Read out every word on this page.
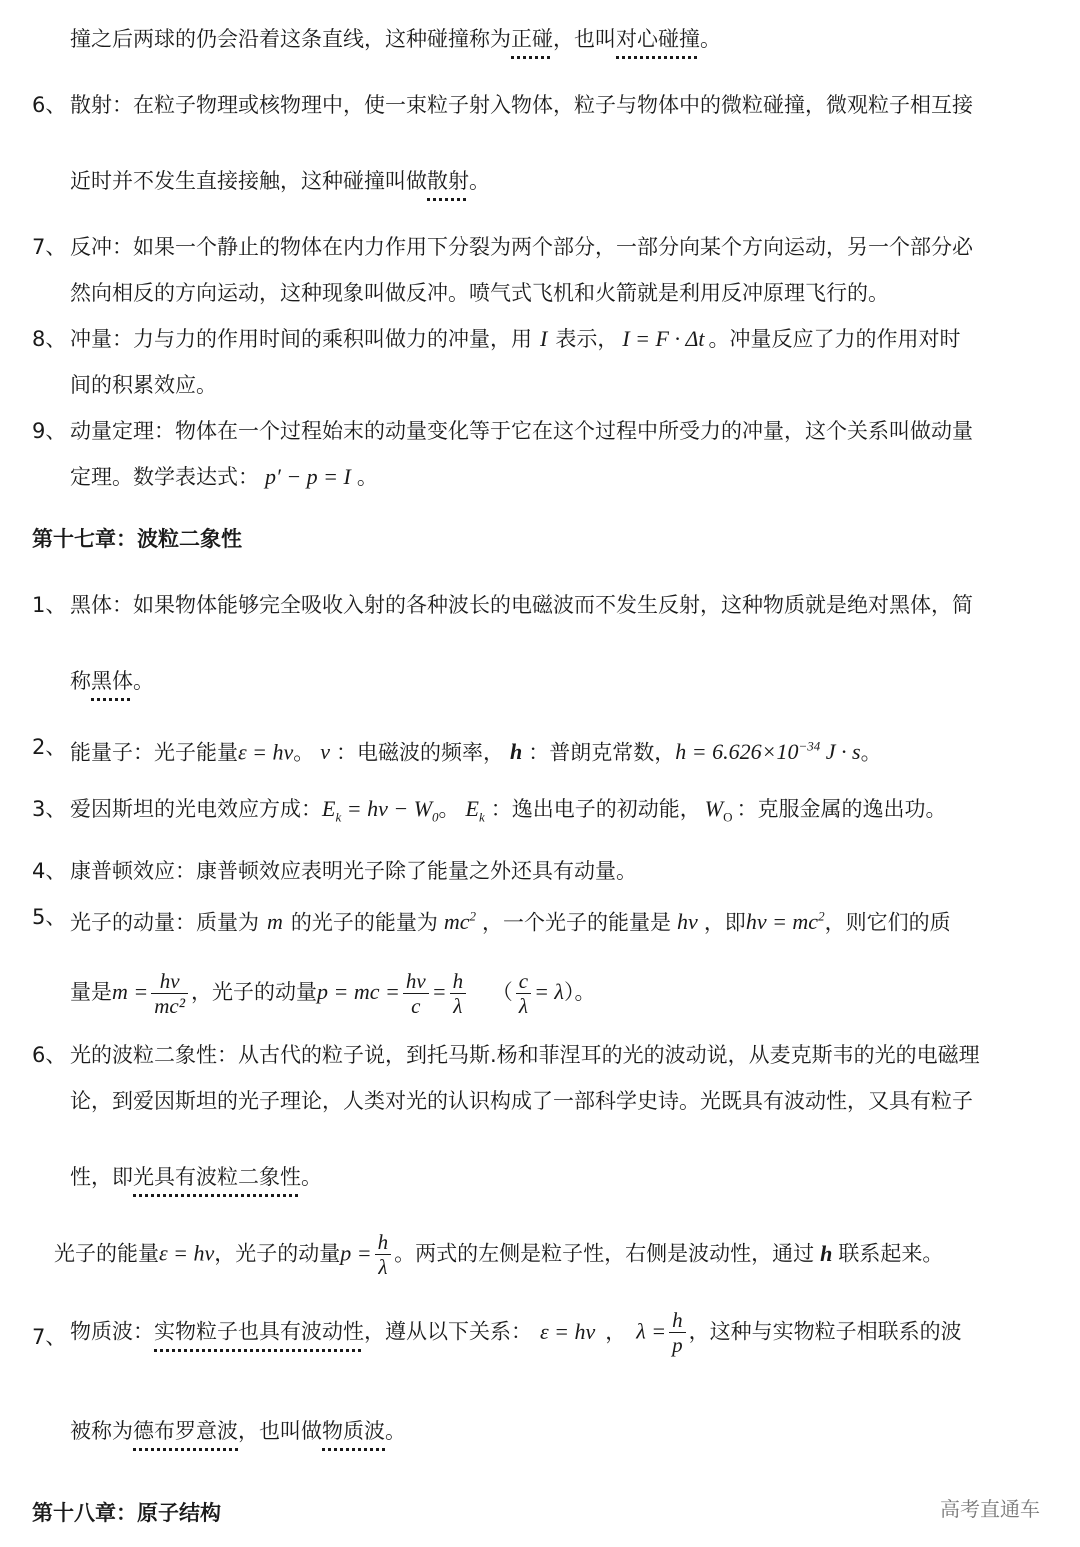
撞之后两球的仍会沿着这条直线，这种碰撞称为正碰，也叫对心碰撞。
6、 散射：在粒子物理或核物理中，使一束粒子射入物体，粒子与物体中的微粒碰撞，微观粒子相互接
近时并不发生直接接触，这种碰撞叫做散射。
7、 反冲：如果一个静止的物体在内力作用下分裂为两个部分，一部分向某个方向运动，另一个部分必
然向相反的方向运动，这种现象叫做反冲。喷气式飞机和火箭就是利用反冲原理飞行的。
8、 冲量：力与力的作用时间的乘积叫做力的冲量，用 I 表示， I = F · Δt 。冲量反应了力的作用对时
间的积累效应。
9、 动量定理：物体在一个过程始末的动量变化等于它在这个过程中所受力的冲量，这个关系叫做动量
定理。数学表达式： p′ − p = I 。
第十七章：波粒二象性
1、 黑体：如果物体能够完全吸收入射的各种波长的电磁波而不发生反射，这种物质就是绝对黑体，简
称黑体。
2、 能量子：光子能量ε = hν。 ν ：电磁波的频率， h ：普朗克常数，$h = 6.626\times 10^{-34}$ J · s。
3、 爱因斯坦的光电效应方成：$E_k = h\nu - W_0$。 $E_k$ ：逸出电子的初动能， $W_O$ ：克服金属的逸出功。
4、 康普顿效应：康普顿效应表明光子除了能量之外还具有动量。
5、 光子的动量：质量为 m 的光子的能量为 $mc^2$ ，一个光子的能量是 hν ，即$h\nu = mc^2$，则它们的质
量是$m = \frac{h\nu}{\text{mc²}}$ ，光子的动量p = mc = $\frac{h\nu}{c} = \frac{h}{\lambda}$ （ $\frac{c}{\lambda} = \lambda$）。
6、 光的波粒二象性：从古代的粒子说，到托马斯.杨和菲涅耳的光的波动说，从麦克斯韦的光的电磁理
论，到爱因斯坦的光子理论，人类对光的认识构成了一部科学史诗。光既具有波动性，又具有粒子
性，即光具有波粒二象性。
光子的能量ε = hν，光子的动量$p = \frac{h}{\lambda}$ 。两式的左侧是粒子性，右侧是波动性，通过 h 联系起来。
7、 物质波：实物粒子也具有波动性，遵从以下关系： ε = hν ， $\lambda = \frac{h}{p}$ ，这种与实物粒子相联系的波
被称为德布罗意波，也叫做物质波。
第十八章：原子结构	高考直通车
